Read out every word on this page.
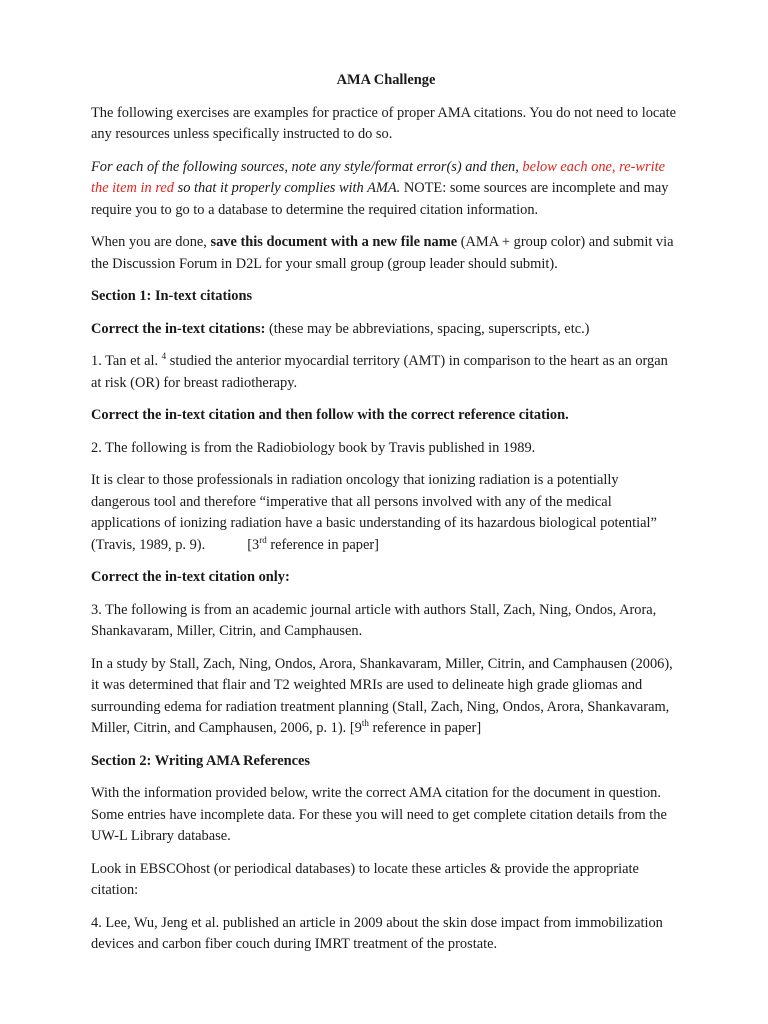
AMA Challenge

The following exercises are examples for practice of proper AMA citations. You do not need to locate any resources unless specifically instructed to do so.

For each of the following sources, note any style/format error(s) and then, below each one, re-write the item in red so that it properly complies with AMA. NOTE: some sources are incomplete and may require you to go to a database to determine the required citation information.

When you are done, save this document with a new file name (AMA + group color) and submit via the Discussion Forum in D2L for your small group (group leader should submit).

Section 1: In-text citations

Correct the in-text citations: (these may be abbreviations, spacing, superscripts, etc.)

1. Tan et al. $^4$ studied the anterior myocardial territory (AMT) in comparison to the heart as an organ at risk (OR) for breast radiotherapy.

Correct the in-text citation and then follow with the correct reference citation.

2. The following is from the Radiobiology book by Travis published in 1989.

It is clear to those professionals in radiation oncology that ionizing radiation is a potentially dangerous tool and therefore “imperative that all persons involved with any of the medical applications of ionizing radiation have a basic understanding of its hazardous biological potential” (Travis, 1989, p. 9).	[3rd reference in paper]

Correct the in-text citation only:

3. The following is from an academic journal article with authors Stall, Zach, Ning, Ondos, Arora, Shankavaram, Miller, Citrin, and Camphausen.

In a study by Stall, Zach, Ning, Ondos, Arora, Shankavaram, Miller, Citrin, and Camphausen (2006), it was determined that flair and T2 weighted MRIs are used to delineate high grade gliomas and surrounding edema for radiation treatment planning (Stall, Zach, Ning, Ondos, Arora, Shankavaram, Miller, Citrin, and Camphausen, 2006, p. 1). [9th reference in paper]

Section 2: Writing AMA References

With the information provided below, write the correct AMA citation for the document in question. Some entries have incomplete data. For these you will need to get complete citation details from the UW-L Library database.

Look in EBSCOhost (or periodical databases) to locate these articles & provide the appropriate citation:

4. Lee, Wu, Jeng et al. published an article in 2009 about the skin dose impact from immobilization devices and carbon fiber couch during IMRT treatment of the prostate.
